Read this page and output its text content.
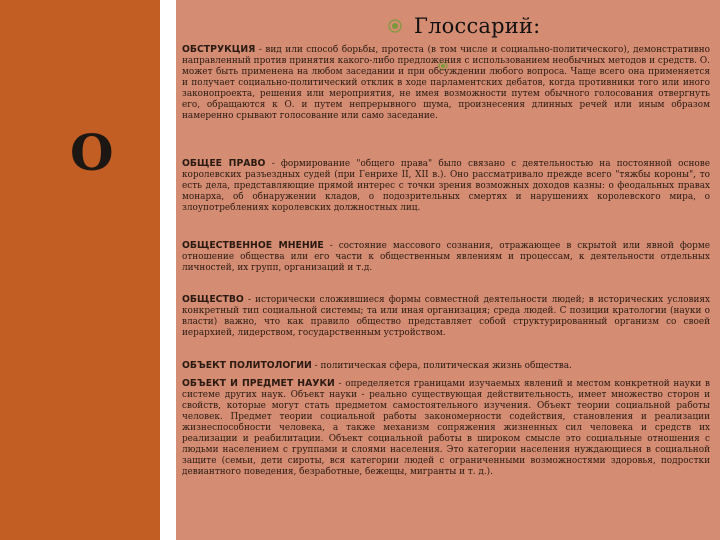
О
Глоссарий:
ОБСТРУКЦИЯ - вид или способ борьбы, протеста (в том числе и социально-политического), демонстративно направленный против принятия какого-либо предложения с использованием необычных методов и средств. О. может быть применена на любом заседании и при обсуждении любого вопроса. Чаще всего она применяется и получает социально-политический отклик в ходе парламентских дебатов, когда противники того или иного законопроекта, решения или мероприятия, не имея возможности путем обычного голосования отвергнуть его, обращаются к О. и путем непрерывного шума, произнесения длинных речей или иным образом намеренно срывают голосование или само заседание.
ОБЩЕЕ ПРАВО - формирование "общего права" было связано с деятельностью на постоянной основе королевских разъездных судей (при Генрихе II, XII в.). Оно рассматривало прежде всего "тяжбы короны", то есть дела, представляющие прямой интерес с точки зрения возможных доходов казны: о феодальных правах монарха, об обнаружении кладов, о подозрительных смертях и нарушениях королевского мира, о злоупотреблениях королевских должностных лиц.
ОБЩЕСТВЕННОЕ МНЕНИЕ - состояние массового сознания, отражающее в скрытой или явной форме отношение общества или его части к общественным явлениям и процессам, к деятельности отдельных личностей, их групп, организаций и т.д.
ОБЩЕСТВО - исторически сложившиеся формы совместной деятельности людей; в исторических условиях конкретный тип социальной системы; та или иная организация; среда людей. С позиции кратологии (науки о власти) важно, что как правило общество представляет собой структурированный организм со своей иерархией, лидерством, государственным устройством.
ОБЪЕКТ ПОЛИТОЛОГИИ - политическая сфера, политическая жизнь общества.
ОБЪЕКТ И ПРЕДМЕТ НАУКИ - определяется границами изучаемых явлений и местом конкретной науки в системе других наук. Объект науки - реально существующая действительность, имеет множество сторон и свойств, которые могут стать предметом самостоятельного изучения. Объект теории социальной работы человек. Предмет теории социальной работы закономерности содействия, становления и реализации жизнеспособности человека, а также механизм сопряжения жизненных сил человека и средств их реализации и реабилитации. Объект социальной работы в широком смысле это социальные отношения с людьми населением с группами и слоями населения. Это категории населения нуждающиеся в социальной защите (семьи, дети сироты, вся категории людей с ограниченными возможностями здоровья, подростки девиантного поведения, безработные, бежещы, мигранты и т. д.).
